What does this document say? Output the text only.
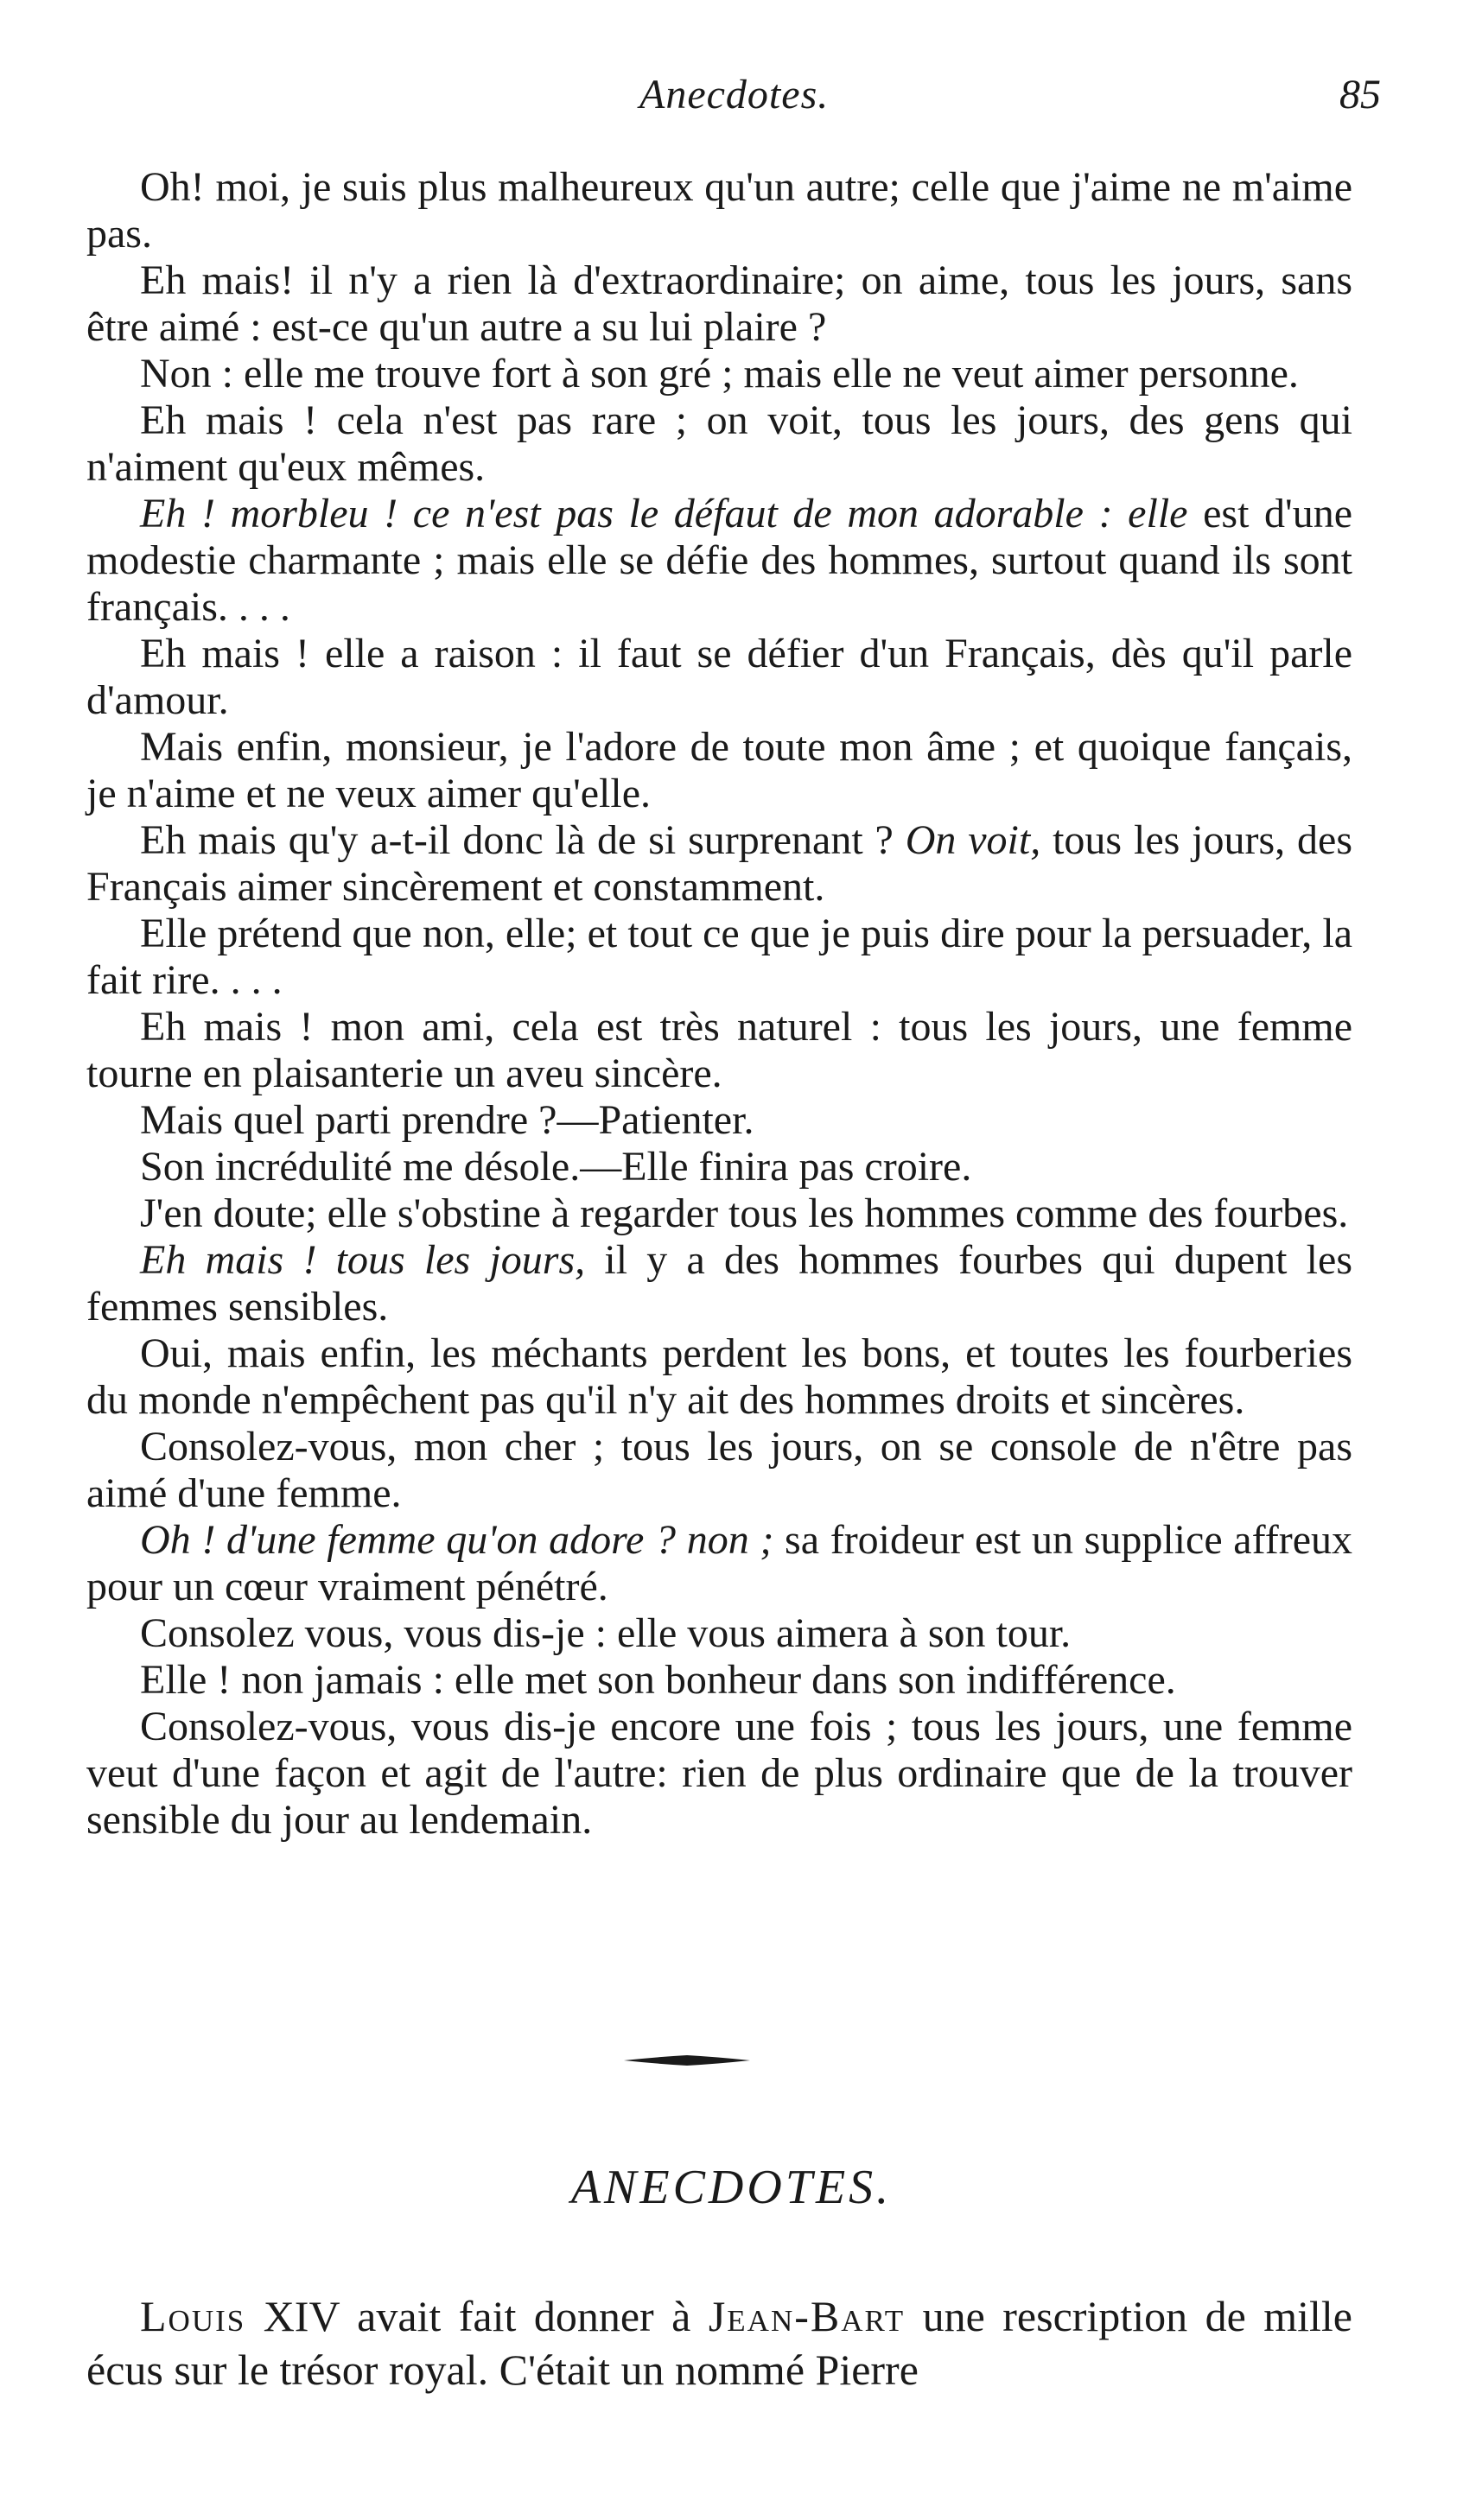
Anecdotes.	85

Oh! moi, je suis plus malheureux qu'un autre; celle que j'aime ne m'aime pas.

Eh mais! il n'y a rien là d'extraordinaire; on aime, tous les jours, sans être aimé : est-ce qu'un autre a su lui plaire ?

Non : elle me trouve fort à son gré ; mais elle ne veut aimer personne.

Eh mais ! cela n'est pas rare ; on voit, tous les jours, des gens qui n'aiment qu'eux mêmes.

Eh ! morbleu ! ce n'est pas le défaut de mon adorable : elle est d'une modestie charmante ; mais elle se défie des hommes, surtout quand ils sont français. . . .

Eh mais ! elle a raison : il faut se défier d'un Français, dès qu'il parle d'amour.

Mais enfin, monsieur, je l'adore de toute mon âme ; et quoique fançais, je n'aime et ne veux aimer qu'elle.

Eh mais qu'y a-t-il donc là de si surprenant ? On voit, tous les jours, des Français aimer sincèrement et constamment.

Elle prétend que non, elle; et tout ce que je puis dire pour la persuader, la fait rire. . . .

Eh mais ! mon ami, cela est très naturel : tous les jours, une femme tourne en plaisanterie un aveu sincère.

Mais quel parti prendre ?—Patienter.

Son incrédulité me désole.—Elle finira pas croire.

J'en doute; elle s'obstine à regarder tous les hommes comme des fourbes.

Eh mais ! tous les jours, il y a des hommes fourbes qui dupent les femmes sensibles.

Oui, mais enfin, les méchants perdent les bons, et toutes les fourberies du monde n'empêchent pas qu'il n'y ait des hommes droits et sincères.

Consolez-vous, mon cher ; tous les jours, on se console de n'être pas aimé d'une femme.

Oh ! d'une femme qu'on adore ? non ; sa froideur est un supplice affreux pour un cœur vraiment pénétré.

Consolez vous, vous dis-je : elle vous aimera à son tour.

Elle ! non jamais : elle met son bonheur dans son indifférence.

Consolez-vous, vous dis-je encore une fois ; tous les jours, une femme veut d'une façon et agit de l'autre: rien de plus ordinaire que de la trouver sensible du jour au lendemain.

ANECDOTES.

Louis XIV avait fait donner à Jean-Bart une rescription de mille écus sur le trésor royal. C'était un nommé Pierre
